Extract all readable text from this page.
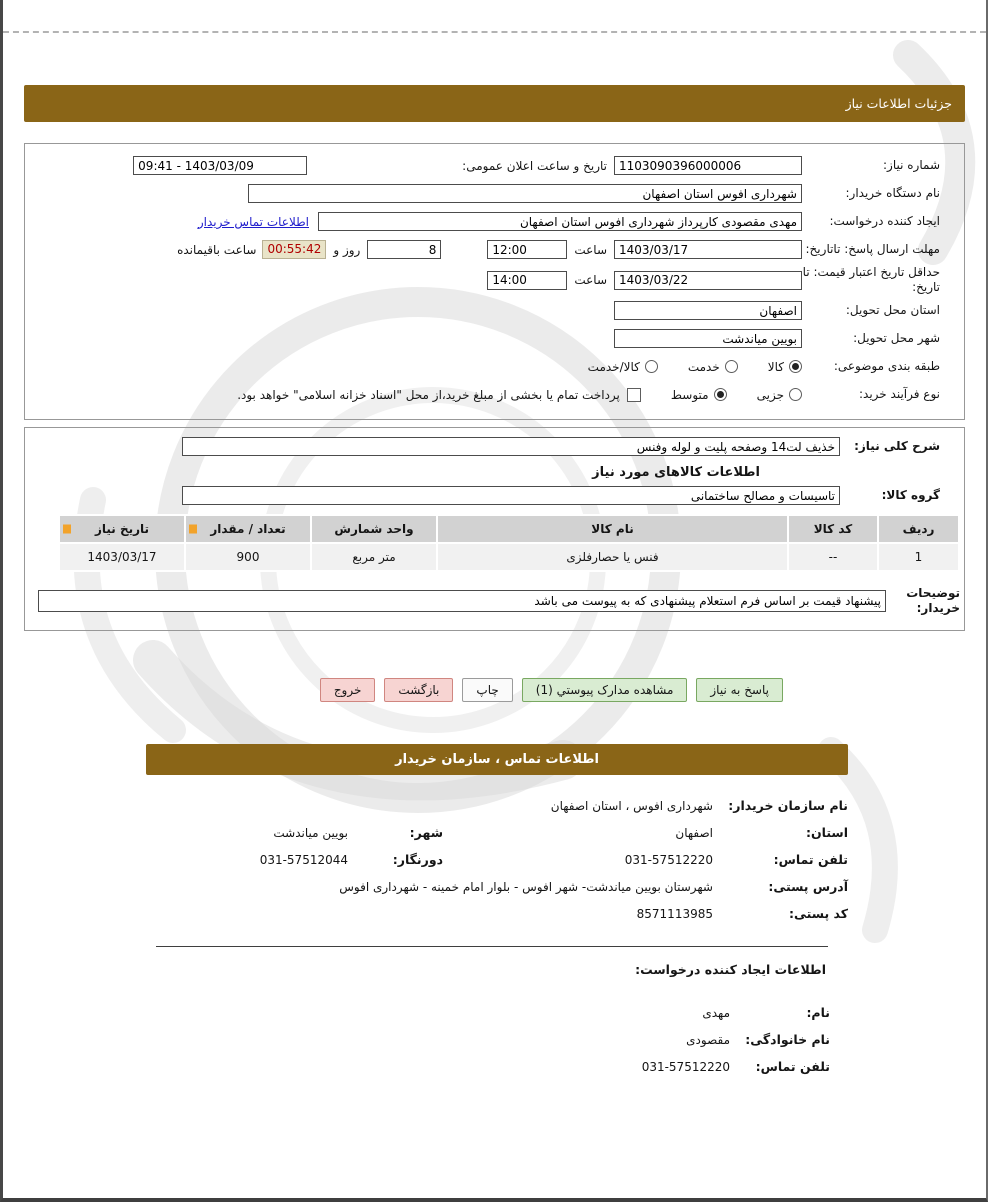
جزئیات اطلاعات نیاز
شماره نیاز:
1103090396000006
تاریخ و ساعت اعلان عمومی:
09:41 - 1403/03/09
نام دستگاه خریدار:
شهرداری افوس استان اصفهان
ایجاد کننده درخواست:
مهدی مقصودی کارپرداز شهرداری افوس استان اصفهان
اطلاعات تماس خریدار
مهلت ارسال پاسخ: تاتاریخ:
1403/03/17
ساعت
12:00
8
روز و
00:55:42
ساعت باقیمانده
حداقل تاریخ اعتبار قیمت: تا تاریخ:
1403/03/22
ساعت
14:00
استان محل تحویل:
اصفهان
شهر محل تحویل:
بویین میاندشت
طبقه بندی موضوعی:
کالا
خدمت
کالا/خدمت
نوع فرآیند خرید:
جزيی
متوسط
پرداخت تمام یا بخشی از مبلغ خرید،از محل "اسناد خزانه اسلامی" خواهد بود.
شرح کلی نیاز:
خذیف لت14 وصفحه پلیت و لوله وفنس
اطلاعات کالاهای مورد نیاز
گروه کالا:
تاسیسات و مصالح ساختمانی
ردیف	کد کالا	نام کالا	واحد شمارش	تعداد / مقدار	تاریخ نیاز
1	--	فنس یا حصارفلزی	متر مربع	900	1403/03/17
توضیحات خریدار:
پیشنهاد قیمت بر اساس فرم استعلام پیشنهادی که به پیوست می باشد
پاسخ به نیاز
مشاهده مدارک پیوستي (1)
چاپ
بازگشت
خروج
اطلاعات تماس ، سازمان خریدار
نام سازمان خریدار:
شهرداری افوس ، استان اصفهان
استان:
اصفهان
شهر:
بویین میاندشت
تلفن تماس:
031-57512220
دورنگار:
031-57512044
آدرس پستی:
شهرستان بویین میاندشت- شهر افوس - بلوار امام خمینه - شهرداری افوس
کد پستی:
8571113985
اطلاعات ایجاد کننده درخواست:
نام:
مهدی
نام خانوادگی:
مقصودی
تلفن تماس:
031-57512220
